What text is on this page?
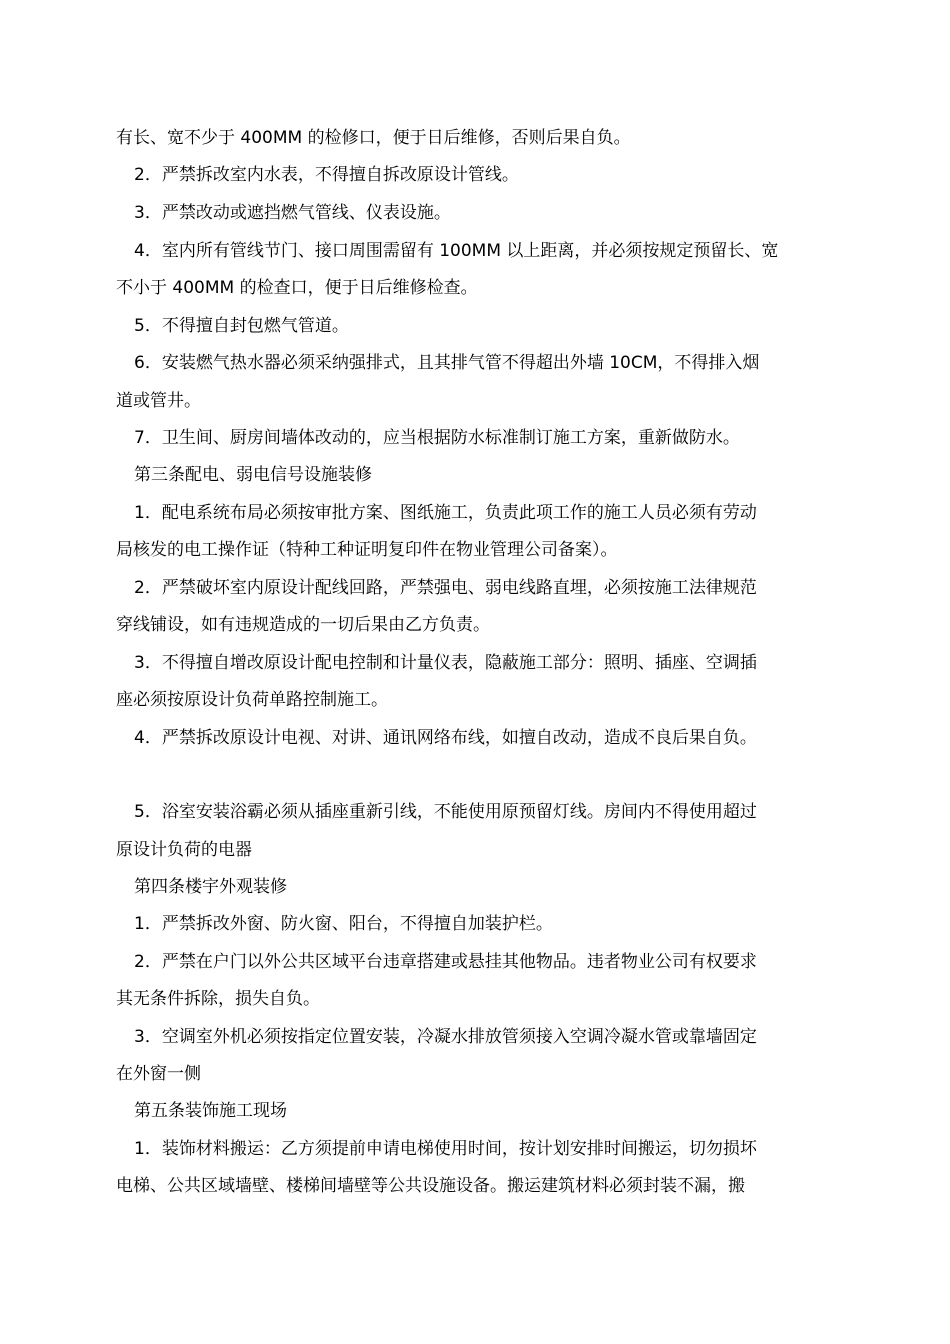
有长、宽不少于 400MM 的检修口，便于日后维修，否则后果自负。
2．严禁拆改室内水表，不得擅自拆改原设计管线。
3．严禁改动或遮挡燃气管线、仪表设施。
4．室内所有管线节门、接口周围需留有 100MM 以上距离，并必须按规定预留长、宽
不小于 400MM 的检查口，便于日后维修检查。
5．不得擅自封包燃气管道。
6．安装燃气热水器必须采纳强排式，且其排气管不得超出外墙 10CM，不得排入烟
道或管井。
7．卫生间、厨房间墙体改动的，应当根据防水标准制订施工方案，重新做防水。
第三条配电、弱电信号设施装修
1．配电系统布局必须按审批方案、图纸施工，负责此项工作的施工人员必须有劳动
局核发的电工操作证（特种工种证明复印件在物业管理公司备案）。
2．严禁破坏室内原设计配线回路，严禁强电、弱电线路直埋，必须按施工法律规范
穿线铺设，如有违规造成的一切后果由乙方负责。
3．不得擅自增改原设计配电控制和计量仪表，隐蔽施工部分：照明、插座、空调插
座必须按原设计负荷单路控制施工。
4．严禁拆改原设计电视、对讲、通讯网络布线，如擅自改动，造成不良后果自负。
5．浴室安装浴霸必须从插座重新引线，不能使用原预留灯线。房间内不得使用超过
原设计负荷的电器
第四条楼宇外观装修
1．严禁拆改外窗、防火窗、阳台，不得擅自加装护栏。
2．严禁在户门以外公共区域平台违章搭建或悬挂其他物品。违者物业公司有权要求
其无条件拆除，损失自负。
3．空调室外机必须按指定位置安装，冷凝水排放管须接入空调冷凝水管或靠墙固定
在外窗一侧
第五条装饰施工现场
1．装饰材料搬运：乙方须提前申请电梯使用时间，按计划安排时间搬运，切勿损坏
电梯、公共区域墙壁、楼梯间墙壁等公共设施设备。搬运建筑材料必须封装不漏，搬
